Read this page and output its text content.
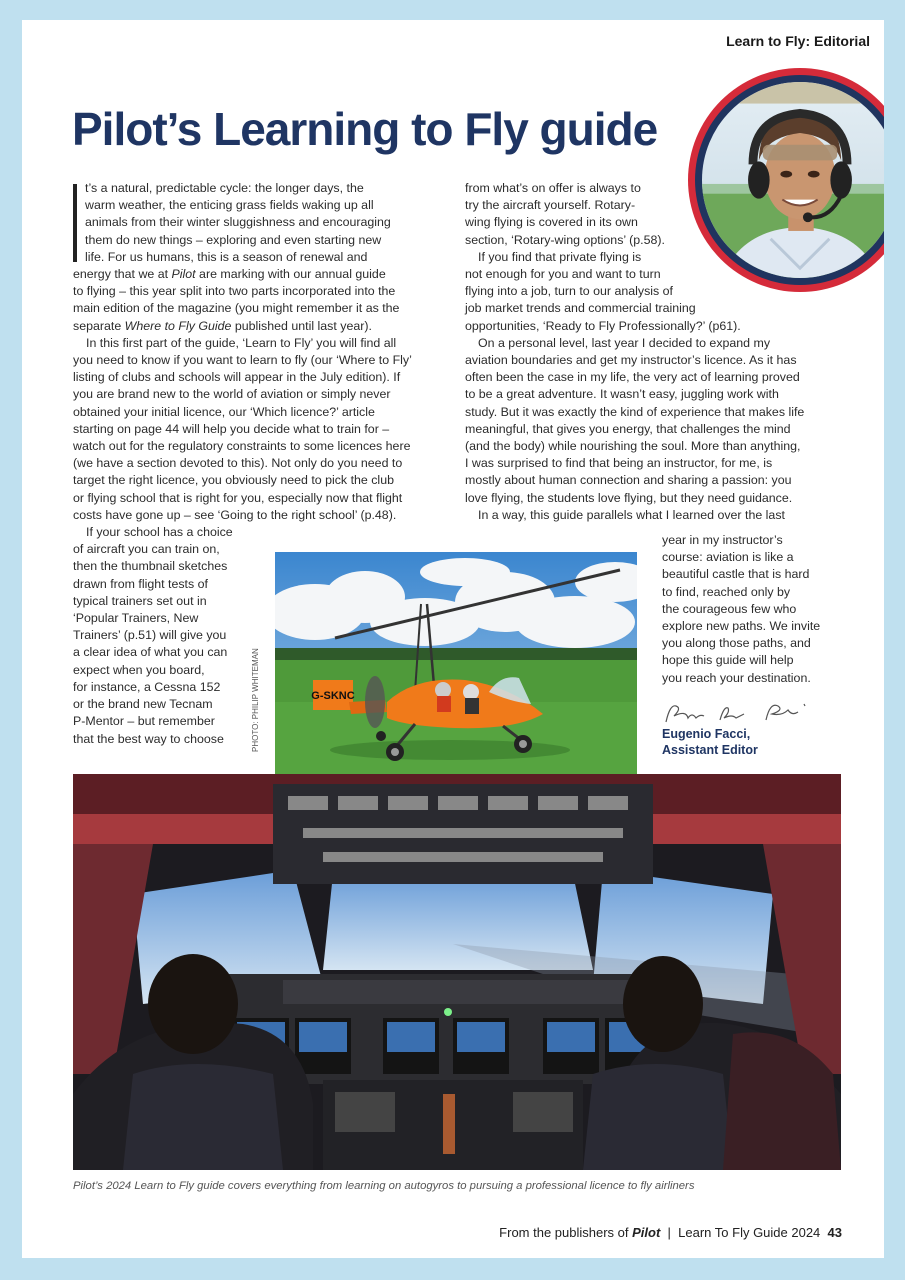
Learn to Fly: Editorial
Pilot’s Learning to Fly guide

t’s a natural, predictable cycle: the longer days, the
warm weather, the enticing grass fields waking up all
animals from their winter sluggishness and encouraging
them do new things – exploring and even starting new
life. For us humans, this is a season of renewal and
energy that we at Pilot are marking with our annual guide
to flying – this year split into two parts incorporated into the
main edition of the magazine (you might remember it as the
separate Where to Fly Guide published until last year).

In this first part of the guide, ‘Learn to Fly’ you will find all
you need to know if you want to learn to fly (our ‘Where to Fly’
listing of clubs and schools will appear in the July edition). If
you are brand new to the world of aviation or simply never
obtained your initial licence, our ‘Which licence?’ article
starting on page 44 will help you decide what to train for –
watch out for the regulatory constraints to some licences here
(we have a section devoted to this). Not only do you need to
target the right licence, you obviously need to pick the club
or flying school that is right for you, especially now that flight
costs have gone up – see ‘Going to the right school’ (p.48).

If your school has a choice
of aircraft you can train on,
then the thumbnail sketches
drawn from flight tests of
typical trainers set out in
‘Popular Trainers, New
Trainers’ (p.51) will give you
a clear idea of what you can
expect when you board,
for instance, a Cessna 152
or the brand new Tecnam
P-Mentor – but remember
that the best way to choose

from what’s on offer is always to
try the aircraft yourself. Rotary-
wing flying is covered in its own
section, ‘Rotary-wing options’ (p.58).

If you find that private flying is
not enough for you and want to turn
flying into a job, turn to our analysis of
job market trends and commercial training
opportunities, ‘Ready to Fly Professionally?’ (p61).

On a personal level, last year I decided to expand my
aviation boundaries and get my instructor’s licence. As it has
often been the case in my life, the very act of learning proved
to be a great adventure. It wasn’t easy, juggling work with
study. But it was exactly the kind of experience that makes life
meaningful, that gives you energy, that challenges the mind
(and the body) while nourishing the soul. More than anything,
I was surprised to find that being an instructor, for me, is
mostly about human connection and sharing a passion: you
love flying, the students love flying, but they need guidance.
In a way, this guide parallels what I learned over the last

year in my instructor’s
course: aviation is like a
beautiful castle that is hard
to find, reached only by
the courageous few who
explore new paths. We invite
you along those paths, and
hope this guide will help
you reach your destination.

Eugenio Facci,
Assistant Editor
PHOTO: PHILIP WHITEMAN	G-SKNC
Pilot’s 2024 Learn to Fly guide covers everything from learning on autogyros to pursuing a professional licence to fly airliners
From the publishers of Pilot | Learn To Fly Guide 2024 43
